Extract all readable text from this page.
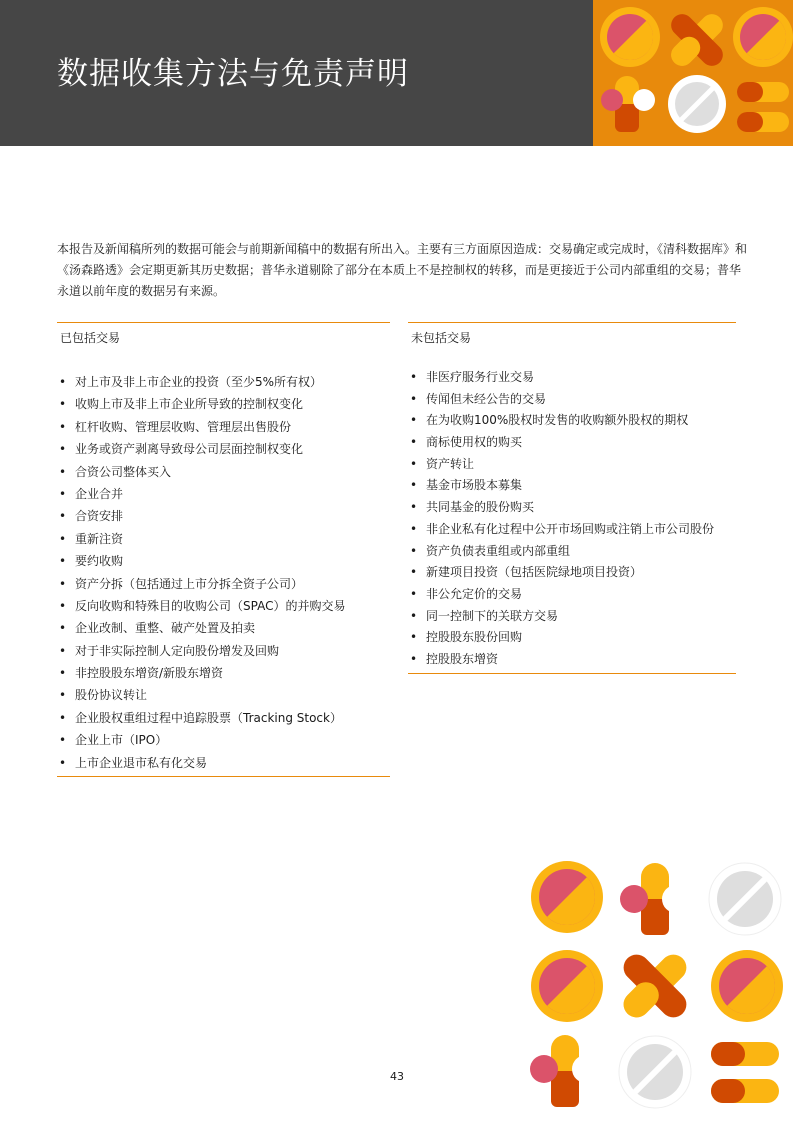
数据收集方法与免责声明
本报告及新闻稿所列的数据可能会与前期新闻稿中的数据有所出入。主要有三方面原因造成：交易确定或完成时，《清科数据库》和《汤森路透》会定期更新其历史数据；普华永道剔除了部分在本质上不是控制权的转移，而是更接近于公司内部重组的交易；普华永道以前年度的数据另有来源。
已包括交易
• 对上市及非上市企业的投资（至少5%所有权）
• 收购上市及非上市企业所导致的控制权变化
• 杠杆收购、管理层收购、管理层出售股份
• 业务或资产剥离导致母公司层面控制权变化
• 合资公司整体买入
• 企业合并
• 合资安排
• 重新注资
• 要约收购
• 资产分拆（包括通过上市分拆全资子公司）
• 反向收购和特殊目的收购公司（SPAC）的并购交易
• 企业改制、重整、破产处置及拍卖
• 对于非实际控制人定向股份增发及回购
• 非控股股东增资/新股东增资
• 股份协议转让
• 企业股权重组过程中追踪股票（Tracking Stock）
• 企业上市（IPO）
• 上市企业退市私有化交易
未包括交易
• 非医疗服务行业交易
• 传闻但未经公告的交易
• 在为收购100%股权时发售的收购额外股权的期权
• 商标使用权的购买
• 资产转让
• 基金市场股本募集
• 共同基金的股份购买
• 非企业私有化过程中公开市场回购或注销上市公司股份
• 资产负债表重组或内部重组
• 新建项目投资（包括医院绿地项目投资）
• 非公允定价的交易
• 同一控制下的关联方交易
• 控股股东股份回购
• 控股股东增资
43
